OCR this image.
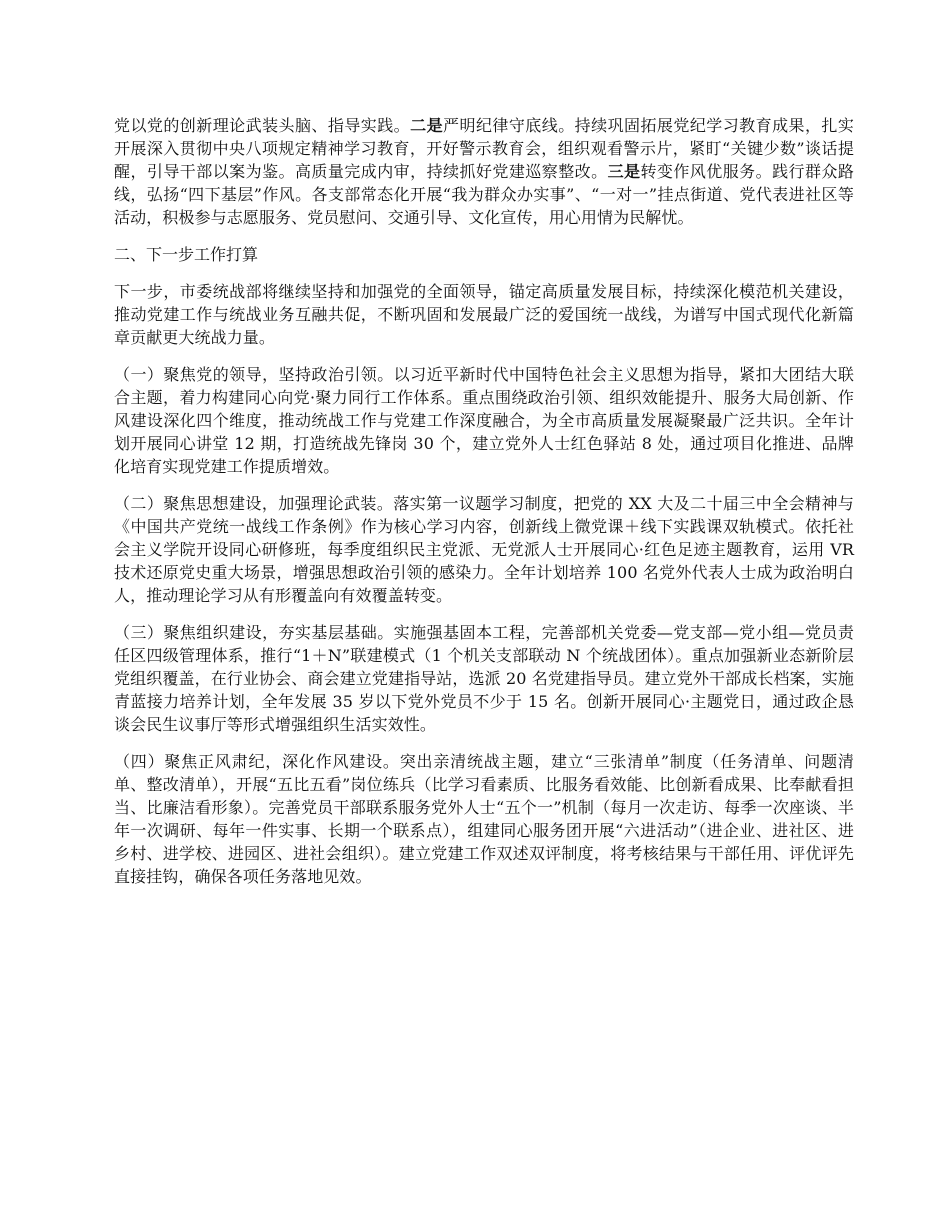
党以党的创新理论武装头脑、指导实践。二是严明纪律守底线。持续巩固拓展党纪学习教育成果，扎实开展深入贯彻中央八项规定精神学习教育，开好警示教育会，组织观看警示片，紧盯“关键少数”谈话提醒，引导干部以案为鉴。高质量完成内审，持续抓好党建巡察整改。三是转变作风优服务。践行群众路线，弘扬“四下基层”作风。各支部常态化开展“我为群众办实事”、“一对一”挂点街道、党代表进社区等活动，积极参与志愿服务、党员慰问、交通引导、文化宣传，用心用情为民解忧。

二、下一步工作打算

下一步，市委统战部将继续坚持和加强党的全面领导，锚定高质量发展目标，持续深化模范机关建设，推动党建工作与统战业务互融共促，不断巩固和发展最广泛的爱国统一战线，为谱写中国式现代化新篇章贡献更大统战力量。

（一）聚焦党的领导，坚持政治引领。以习近平新时代中国特色社会主义思想为指导，紧扣大团结大联合主题，着力构建同心向党·聚力同行工作体系。重点围绕政治引领、组织效能提升、服务大局创新、作风建设深化四个维度，推动统战工作与党建工作深度融合，为全市高质量发展凝聚最广泛共识。全年计划开展同心讲堂 12 期，打造统战先锋岗 30 个，建立党外人士红色驿站 8 处，通过项目化推进、品牌化培育实现党建工作提质增效。

（二）聚焦思想建设，加强理论武装。落实第一议题学习制度，把党的 XX 大及二十届三中全会精神与《中国共产党统一战线工作条例》作为核心学习内容，创新线上微党课＋线下实践课双轨模式。依托社会主义学院开设同心研修班，每季度组织民主党派、无党派人士开展同心·红色足迹主题教育，运用 VR 技术还原党史重大场景，增强思想政治引领的感染力。全年计划培养 100 名党外代表人士成为政治明白人，推动理论学习从有形覆盖向有效覆盖转变。

（三）聚焦组织建设，夯实基层基础。实施强基固本工程，完善部机关党委—党支部—党小组—党员责任区四级管理体系，推行“1＋N”联建模式（1 个机关支部联动 N 个统战团体）。重点加强新业态新阶层党组织覆盖，在行业协会、商会建立党建指导站，选派 20 名党建指导员。建立党外干部成长档案，实施青蓝接力培养计划，全年发展 35 岁以下党外党员不少于 15 名。创新开展同心·主题党日，通过政企恳谈会民生议事厅等形式增强组织生活实效性。

（四）聚焦正风肃纪，深化作风建设。突出亲清统战主题，建立“三张清单”制度（任务清单、问题清单、整改清单），开展“五比五看”岗位练兵（比学习看素质、比服务看效能、比创新看成果、比奉献看担当、比廉洁看形象）。完善党员干部联系服务党外人士“五个一”机制（每月一次走访、每季一次座谈、半年一次调研、每年一件实事、长期一个联系点），组建同心服务团开展“六进活动”（进企业、进社区、进乡村、进学校、进园区、进社会组织）。建立党建工作双述双评制度，将考核结果与干部任用、评优评先直接挂钩，确保各项任务落地见效。
